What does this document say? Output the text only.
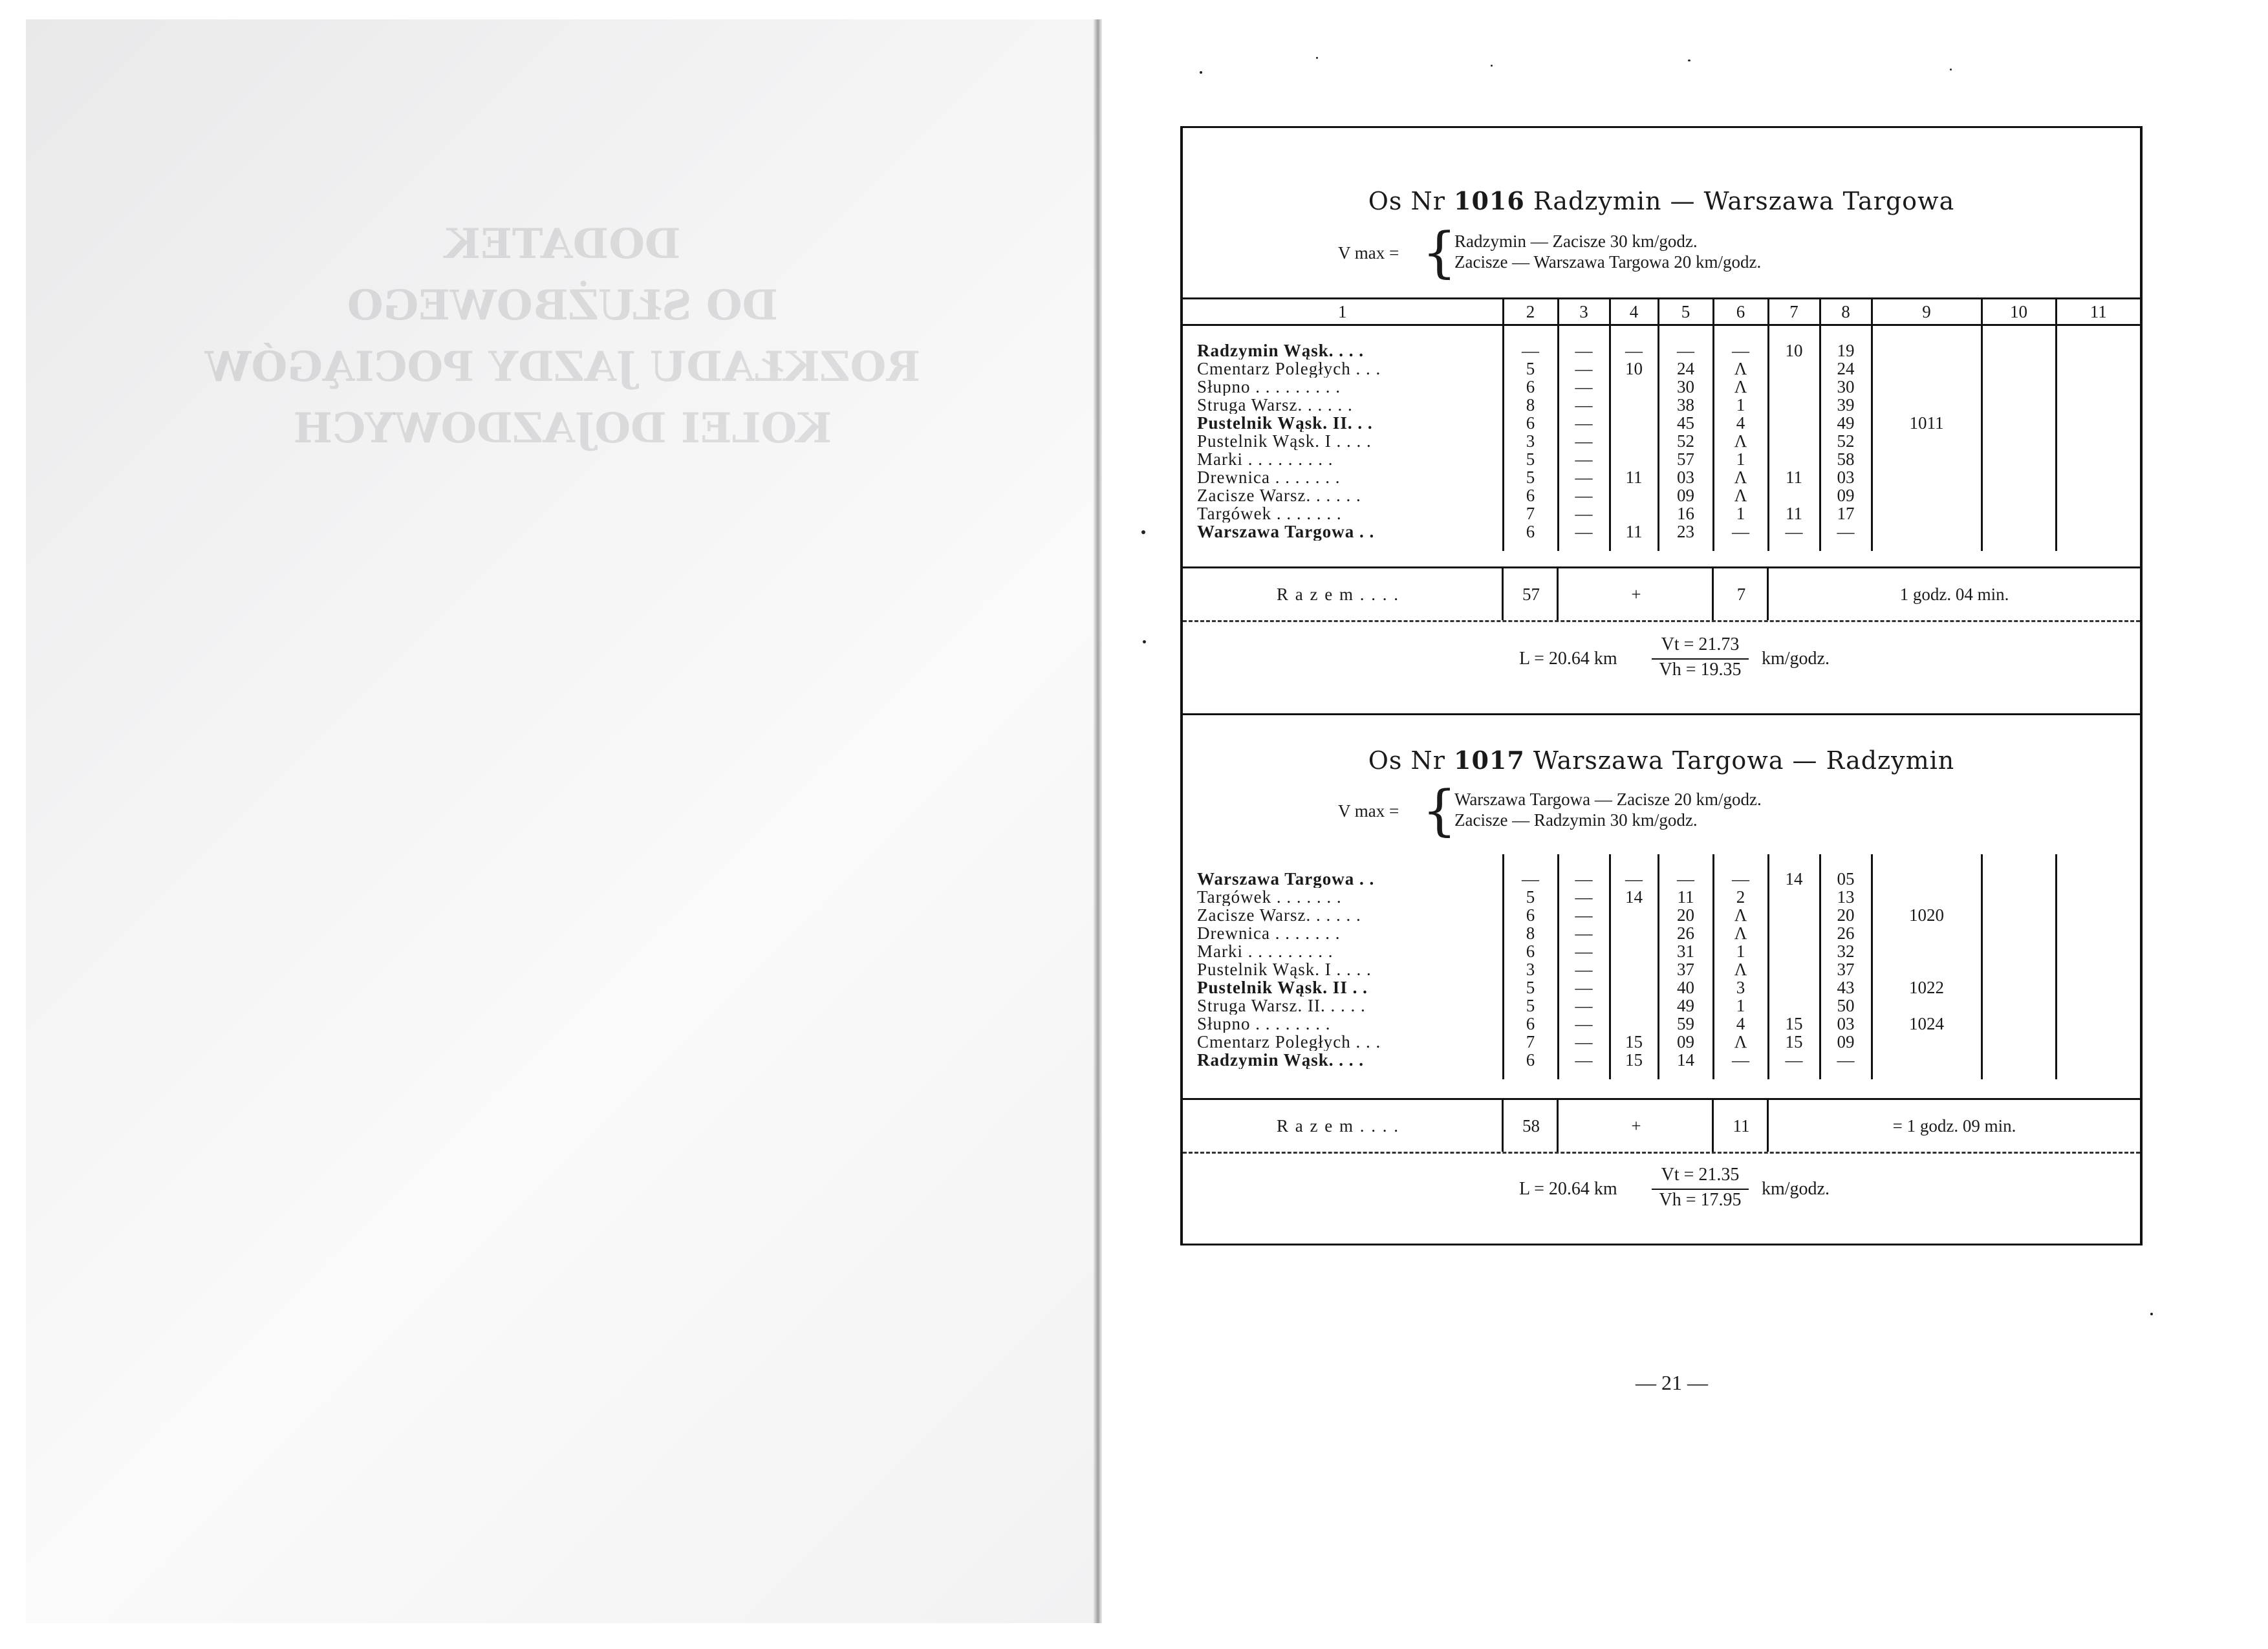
DODATEK
DO SŁUŻBOWEGO
ROZKŁADU JAZDY POCIĄGÓW
KOLEI DOJAZDOWYCH
Os Nr 1016 Radzymin — Warszawa Targowa
V max = {
Radzymin — Zacisze 30 km/godz.
Zacisze — Warszawa Targowa 20 km/godz.
1	2	3	4	5	6	7	8	9	10	11

Radzymin Wąsk. . . .	—	—	—	—	—	10	19			
Cmentarz Poległych . . .	5	—	10	24	Λ		24			
Słupno . . . . . . . . .	6	—		30	Λ		30			
Struga Warsz. . . . . .	8	—		38	1		39			
Pustelnik Wąsk. II. . .	6	—		45	4		49	1011		
Pustelnik Wąsk. I . . . .	3	—		52	Λ		52			
Marki . . . . . . . . .	5	—		57	1		58			
Drewnica . . . . . . .	5	—	11	03	Λ	11	03			
Zacisze Warsz. . . . . .	6	—		09	Λ		09			
Targówek . . . . . . .	7	—		16	1	11	17			
Warszawa Targowa . .	6	—	11	23	—	—	—			

R a z e m . . . .	57	+	7	1 godz. 04 min.
L = 20.64 km
Vt = 21.73
Vh = 19.35
km/godz.
Os Nr 1017 Warszawa Targowa — Radzymin
V max = {
Warszawa Targowa — Zacisze 20 km/godz.
Zacisze — Radzymin 30 km/godz.

Warszawa Targowa . .	—	—	—	—	—	14	05			
Targówek . . . . . . .	5	—	14	11	2		13			
Zacisze Warsz. . . . . .	6	—		20	Λ		20	1020		
Drewnica . . . . . . .	8	—		26	Λ		26			
Marki . . . . . . . . .	6	—		31	1		32			
Pustelnik Wąsk. I . . . .	3	—		37	Λ		37			
Pustelnik Wąsk. II . .	5	—		40	3		43	1022		
Struga Warsz. II. . . . .	5	—		49	1		50			
Słupno . . . . . . . .	6	—		59	4	15	03	1024		
Cmentarz Poległych . . .	7	—	15	09	Λ	15	09			
Radzymin Wąsk. . . .	6	—	15	14	—	—	—			

R a z e m . . . .	58	+	11	= 1 godz. 09 min.
L = 20.64 km
Vt = 21.35
Vh = 17.95
km/godz.
— 21 —
